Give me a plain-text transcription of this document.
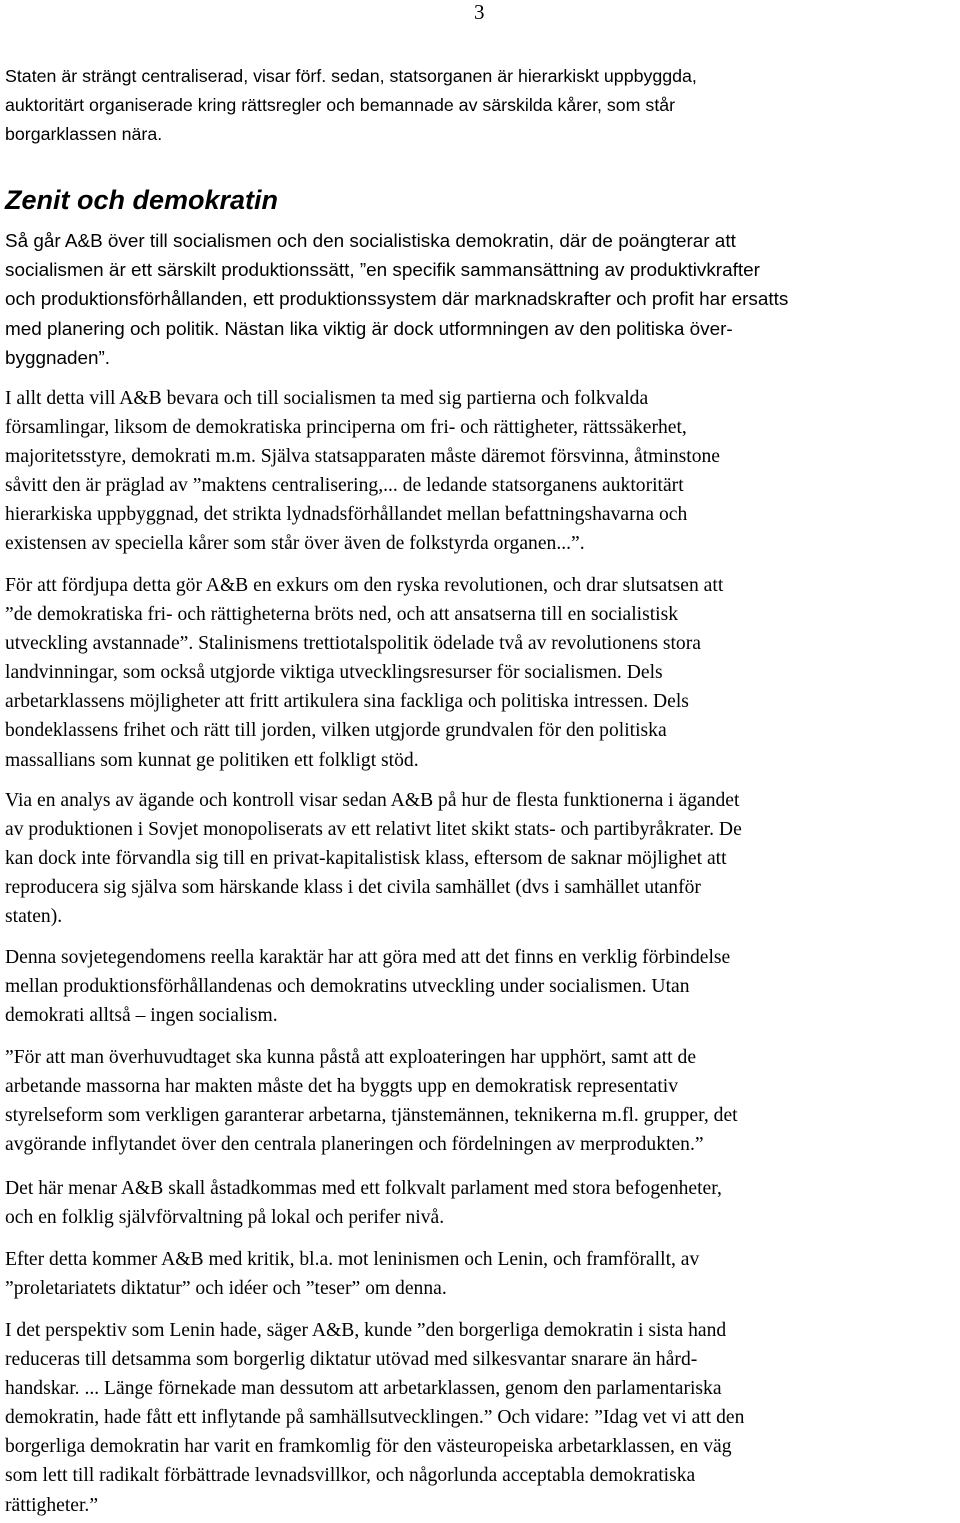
3

Staten är strängt centraliserad, visar förf. sedan, statsorganen är hierarkiskt uppbyggda,
auktoritärt organiserade kring rättsregler och bemannade av särskilda kårer, som står
borgarklassen nära.

Zenit och demokratin

Så går A&B över till socialismen och den socialistiska demokratin, där de poängterar att
socialismen är ett särskilt produktionssätt, ”en specifik sammansättning av produktivkrafter
och produktionsförhållanden, ett produktionssystem där marknadskrafter och profit har ersatts
med planering och politik. Nästan lika viktig är dock utformningen av den politiska över-
byggnaden”.

I allt detta vill A&B bevara och till socialismen ta med sig partierna och folkvalda
församlingar, liksom de demokratiska principerna om fri- och rättigheter, rättssäkerhet,
majoritetsstyre, demokrati m.m. Själva statsapparaten måste däremot försvinna, åtminstone
såvitt den är präglad av ”maktens centralisering,... de ledande statsorganens auktoritärt
hierarkiska uppbyggnad, det strikta lydnadsförhållandet mellan befattningshavarna och
existensen av speciella kårer som står över även de folkstyrda organen...”.

För att fördjupa detta gör A&B en exkurs om den ryska revolutionen, och drar slutsatsen att
”de demokratiska fri- och rättigheterna bröts ned, och att ansatserna till en socialistisk
utveckling avstannade”. Stalinismens trettiotalspolitik ödelade två av revolutionens stora
landvinningar, som också utgjorde viktiga utvecklingsresurser för socialismen. Dels
arbetarklassens möjligheter att fritt artikulera sina fackliga och politiska intressen. Dels
bondeklassens frihet och rätt till jorden, vilken utgjorde grundvalen för den politiska
massallians som kunnat ge politiken ett folkligt stöd.

Via en analys av ägande och kontroll visar sedan A&B på hur de flesta funktionerna i ägandet
av produktionen i Sovjet monopoliserats av ett relativt litet skikt stats- och partibyråkrater. De
kan dock inte förvandla sig till en privat-kapitalistisk klass, eftersom de saknar möjlighet att
reproducera sig själva som härskande klass i det civila samhället (dvs i samhället utanför
staten).

Denna sovjetegendomens reella karaktär har att göra med att det finns en verklig förbindelse
mellan produktionsförhållandenas och demokratins utveckling under socialismen. Utan
demokrati alltså – ingen socialism.

”För att man överhuvudtaget ska kunna påstå att exploateringen har upphört, samt att de
arbetande massorna har makten måste det ha byggts upp en demokratisk representativ
styrelseform som verkligen garanterar arbetarna, tjänstemännen, teknikerna m.fl. grupper, det
avgörande inflytandet över den centrala planeringen och fördelningen av merprodukten.”

Det här menar A&B skall åstadkommas med ett folkvalt parlament med stora befogenheter,
och en folklig självförvaltning på lokal och perifer nivå.

Efter detta kommer A&B med kritik, bl.a. mot leninismen och Lenin, och framförallt, av
”proletariatets diktatur” och idéer och ”teser” om denna.

I det perspektiv som Lenin hade, säger A&B, kunde ”den borgerliga demokratin i sista hand
reduceras till detsamma som borgerlig diktatur utövad med silkesvantar snarare än hård-
handskar. ... Länge förnekade man dessutom att arbetarklassen, genom den parlamentariska
demokratin, hade fått ett inflytande på samhällsutvecklingen.” Och vidare: ”Idag vet vi att den
borgerliga demokratin har varit en framkomlig för den västeuropeiska arbetarklassen, en väg
som lett till radikalt förbättrade levnadsvillkor, och någorlunda acceptabla demokratiska
rättigheter.”
